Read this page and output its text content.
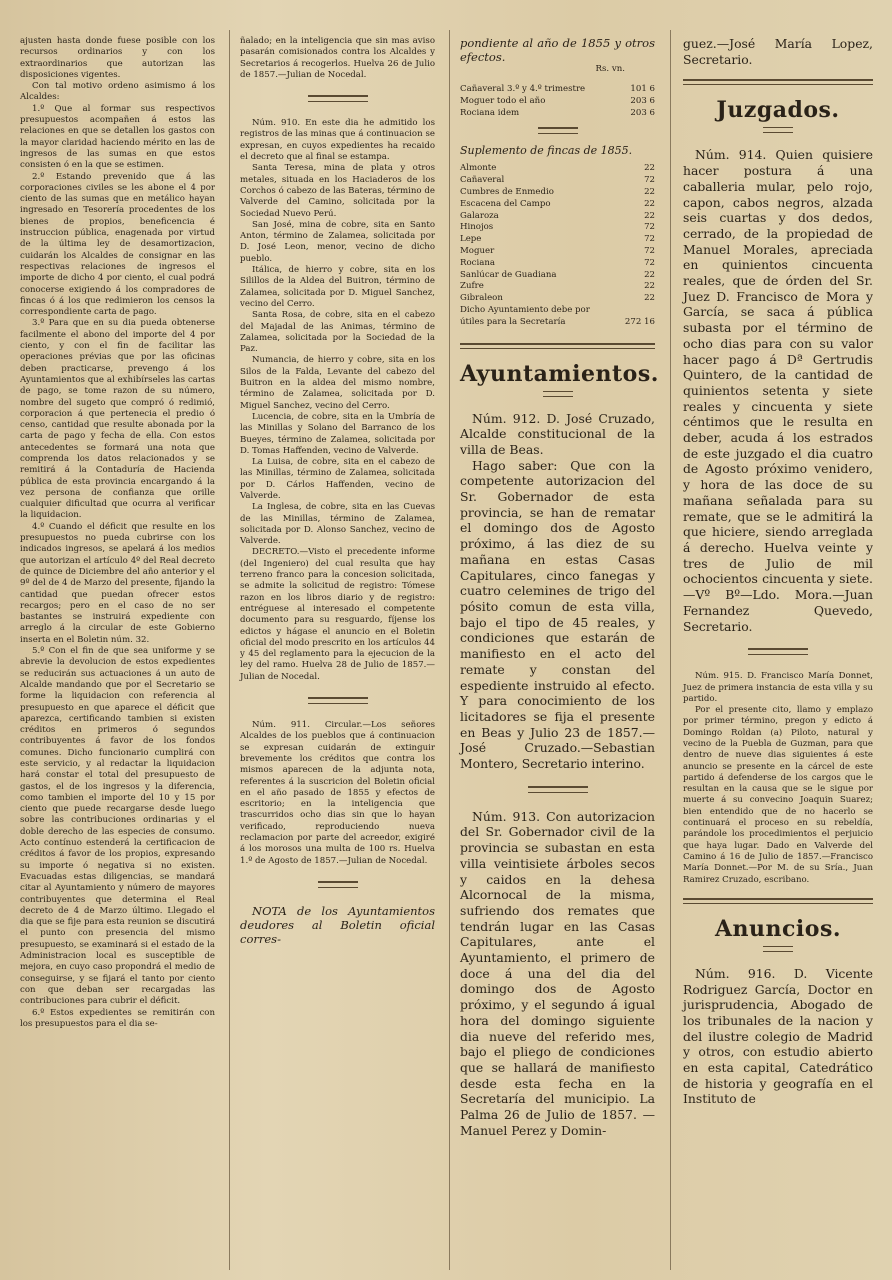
ajusten hasta donde fuese posible con los recursos ordinarios y con los extraordinarios que autorizan las disposiciones vigentes.

Con tal motivo ordeno asimismo á los Alcaldes:

1.º Que al formar sus respectivos presupuestos acompañen á estos las relaciones en que se detallen los gastos con la mayor claridad haciendo mérito en las de ingresos de las sumas en que estos consisten ó en la que se estimen.

2.º Estando prevenido que á las corporaciones civiles se les abone el 4 por ciento de las sumas que en metálico hayan ingresado en Tesorería procedentes de los bienes de propios, beneficencia é instruccion pública, enagenada por virtud de la última ley de desamortizacion, cuidarán los Alcaldes de consignar en las respectivas relaciones de ingresos el importe de dicho 4 por ciento, el cual podrá conocerse exigiendo á los compradores de fincas ó á los que redimieron los censos la correspondiente carta de pago.

3.º Para que en su dia pueda obtenerse facilmente el abono del importe del 4 por ciento, y con el fin de facilitar las operaciones prévias que por las oficinas deben practicarse, prevengo á los Ayuntamientos que al exhibírseles las cartas de pago, se tome razon de su número, nombre del sugeto que compró ó redimió, corporacion á que pertenecia el predio ó censo, cantidad que resulte abonada por la carta de pago y fecha de ella. Con estos antecedentes se formará una nota que comprenda los datos relacionados y se remitirá á la Contaduría de Hacienda pública de esta provincia encargando á la vez persona de confianza que orille cualquier dificultad que ocurra al verificar la liquidacion.

4.º Cuando el déficit que resulte en los presupuestos no pueda cubrirse con los indicados ingresos, se apelará á los medios que autorizan el artículo 4º del Real decreto de quince de Diciembre del año anterior y el 9º del de 4 de Marzo del presente, fijando la cantidad que puedan ofrecer estos recargos; pero en el caso de no ser bastantes se instruirá expediente con arreglo á la circular de este Gobierno inserta en el Boletin núm. 32.

5.º Con el fin de que sea uniforme y se abrevie la devolucion de estos expedientes se reducirán sus actuaciones á un auto de Alcalde mandando que por el Secretario se forme la liquidacion con referencia al presupuesto en que aparece el déficit que aparezca, certificando tambien si existen créditos en primeros ó segundos contribuyentes á favor de los fondos comunes. Dicho funcionario cumplirá con este servicio, y al redactar la liquidacion hará constar el total del presupuesto de gastos, el de los ingresos y la diferencia, como tambien el importe del 10 y 15 por ciento que puede recargarse desde luego sobre las contribuciones ordinarias y el doble derecho de las especies de consumo. Acto contínuo estenderá la certificacion de créditos á favor de los propios, expresando su importe ó negativa si no existen. Evacuadas estas diligencias, se mandará citar al Ayuntamiento y número de mayores contribuyentes que determina el Real decreto de 4 de Marzo último. Llegado el dia que se fije para esta reunion se discutirá el punto con presencia del mismo presupuesto, se examinará si el estado de la Administracion local es susceptible de mejora, en cuyo caso propondrá el medio de conseguirse, y se fijará el tanto por ciento con que deban ser recargadas las contribuciones para cubrir el déficit.

6.º Estos expedientes se remitirán con los presupuestos para el dia se-

ñalado; en la inteligencia que sin mas aviso pasarán comisionados contra los Alcaldes y Secretarios á recogerlos. Huelva 26 de Julio de 1857.—Julian de Nocedal.

Núm. 910. En este dia he admitido los registros de las minas que á continuacion se expresan, en cuyos expedientes ha recaido el decreto que al final se estampa.

Santa Teresa, mina de plata y otros metales, situada en los Haciaderos de los Corchos ó cabezo de las Bateras, término de Valverde del Camino, solicitada por la Sociedad Nuevo Perú.

San José, mina de cobre, sita en Santo Anton, término de Zalamea, solicitada por D. José Leon, menor, vecino de dicho pueblo.

Itálica, de hierro y cobre, sita en los Silillos de la Aldea del Buitron, término de Zalamea, solicitada por D. Miguel Sanchez, vecino del Cerro.

Santa Rosa, de cobre, sita en el cabezo del Majadal de las Animas, término de Zalamea, solicitada por la Sociedad de la Paz.

Numancia, de hierro y cobre, sita en los Silos de la Falda, Levante del cabezo del Buitron en la aldea del mismo nombre, término de Zalamea, solicitada por D. Miguel Sanchez, vecino del Cerro.

Lucencia, de cobre, sita en la Umbría de las Minillas y Solano del Barranco de los Bueyes, término de Zalamea, solicitada por D. Tomas Haffenden, vecino de Valverde.

La Luisa, de cobre, sita en el cabezo de las Minillas, término de Zalamea, solicitada por D. Cárlos Haffenden, vecino de Valverde.

La Inglesa, de cobre, sita en las Cuevas de las Minillas, término de Zalamea, solicitada por D. Alonso Sanchez, vecino de Valverde.

DECRETO.—Visto el precedente informe (del Ingeniero) del cual resulta que hay terreno franco para la concesion solicitada, se admite la solicitud de registro: Tómese razon en los libros diario y de registro: entréguese al interesado el competente documento para su resguardo, fíjense los edictos y hágase el anuncio en el Boletin oficial del modo prescrito en los artículos 44 y 45 del reglamento para la ejecucion de la ley del ramo. Huelva 28 de Julio de 1857.—Julian de Nocedal.

Núm. 911. Circular.—Los señores Alcaldes de los pueblos que á continuacion se expresan cuidarán de extinguir brevemente los créditos que contra los mismos aparecen de la adjunta nota, referentes á la suscricion del Boletin oficial en el año pasado de 1855 y efectos de escritorio; en la inteligencia que trascurridos ocho dias sin que lo hayan verificado, reproduciendo nueva reclamacion por parte del acreedor, exigiré á los morosos una multa de 100 rs. Huelva 1.º de Agosto de 1857.—Julian de Nocedal.

NOTA de los Ayuntamientos deudores al Boletin oficial corres-

pondiente al año de 1855 y otros efectos.

Rs. vn.
Cañaveral 3.º y 4.º trimestre	101 6
Moguer todo el año	203 6
Rociana idem	203 6

Suplemento de fincas de 1855.

Almonte	22
Cañaveral	72
Cumbres de Enmedio	22
Escacena del Campo	22
Galaroza	22
Hinojos	72
Lepe	72
Moguer	72
Rociana	72
Sanlúcar de Guadiana	22
Zufre	22
Gibraleon	22
Dicho Ayuntamiento debe por útiles para la Secretaría	272 16
Ayuntamientos.

Núm. 912. D. José Cruzado, Alcalde constitucional de la villa de Beas.

Hago saber: Que con la competente autorizacion del Sr. Gobernador de esta provincia, se han de rematar el domingo dos de Agosto próximo, á las diez de su mañana en estas Casas Capitulares, cinco fanegas y cuatro celemines de trigo del pósito comun de esta villa, bajo el tipo de 45 reales, y condiciones que estarán de manifiesto en el acto del remate y constan del espediente instruido al efecto. Y para conocimiento de los licitadores se fija el presente en Beas y Julio 23 de 1857.—José Cruzado.—Sebastian Montero, Secretario interino.

Núm. 913. Con autorizacion del Sr. Gobernador civil de la provincia se subastan en esta villa veintisiete árboles secos y caidos en la dehesa Alcornocal de la misma, sufriendo dos remates que tendrán lugar en las Casas Capitulares, ante el Ayuntamiento, el primero de doce á una del dia del domingo dos de Agosto próximo, y el segundo á igual hora del domingo siguiente dia nueve del referido mes, bajo el pliego de condiciones que se hallará de manifiesto desde esta fecha en la Secretaría del municipio. La Palma 26 de Julio de 1857. —Manuel Perez y Domin-

guez.—José María Lopez, Secretario.

Juzgados.

Núm. 914. Quien quisiere hacer postura á una caballeria mular, pelo rojo, capon, cabos negros, alzada seis cuartas y dos dedos, cerrado, de la propiedad de Manuel Morales, apreciada en quinientos cincuenta reales, que de órden del Sr. Juez D. Francisco de Mora y García, se saca á pública subasta por el término de ocho dias para con su valor hacer pago á Dª Gertrudis Quintero, de la cantidad de quinientos setenta y siete reales y cincuenta y siete céntimos que le resulta en deber, acuda á los estrados de este juzgado el dia cuatro de Agosto próximo venidero, y hora de las doce de su mañana señalada para su remate, que se le admitirá la que hiciere, siendo arreglada á derecho. Huelva veinte y tres de Julio de mil ochocientos cincuenta y siete.—Vº Bº—Ldo. Mora.—Juan Fernandez Quevedo, Secretario.

Núm. 915. D. Francisco María Donnet, Juez de primera instancia de esta villa y su partido.

Por el presente cito, llamo y emplazo por primer término, pregon y edicto á Domingo Roldan (a) Piloto, natural y vecino de la Puebla de Guzman, para que dentro de nueve dias siguientes á este anuncio se presente en la cárcel de este partido á defenderse de los cargos que le resultan en la causa que se le sigue por muerte á su convecino Joaquin Suarez; bien entendido que de no hacerlo se continuará el proceso en su rebeldía, parándole los procedimientos el perjuicio que haya lugar. Dado en Valverde del Camino á 16 de Julio de 1857.—Francisco María Donnet.—Por M. de su Sría., Juan Ramirez Cruzado, escribano.

Anuncios.

Núm. 916. D. Vicente Rodriguez García, Doctor en jurisprudencia, Abogado de los tribunales de la nacion y del ilustre colegio de Madrid y otros, con estudio abierto en esta capital, Catedrático de historia y geografía en el Instituto de
